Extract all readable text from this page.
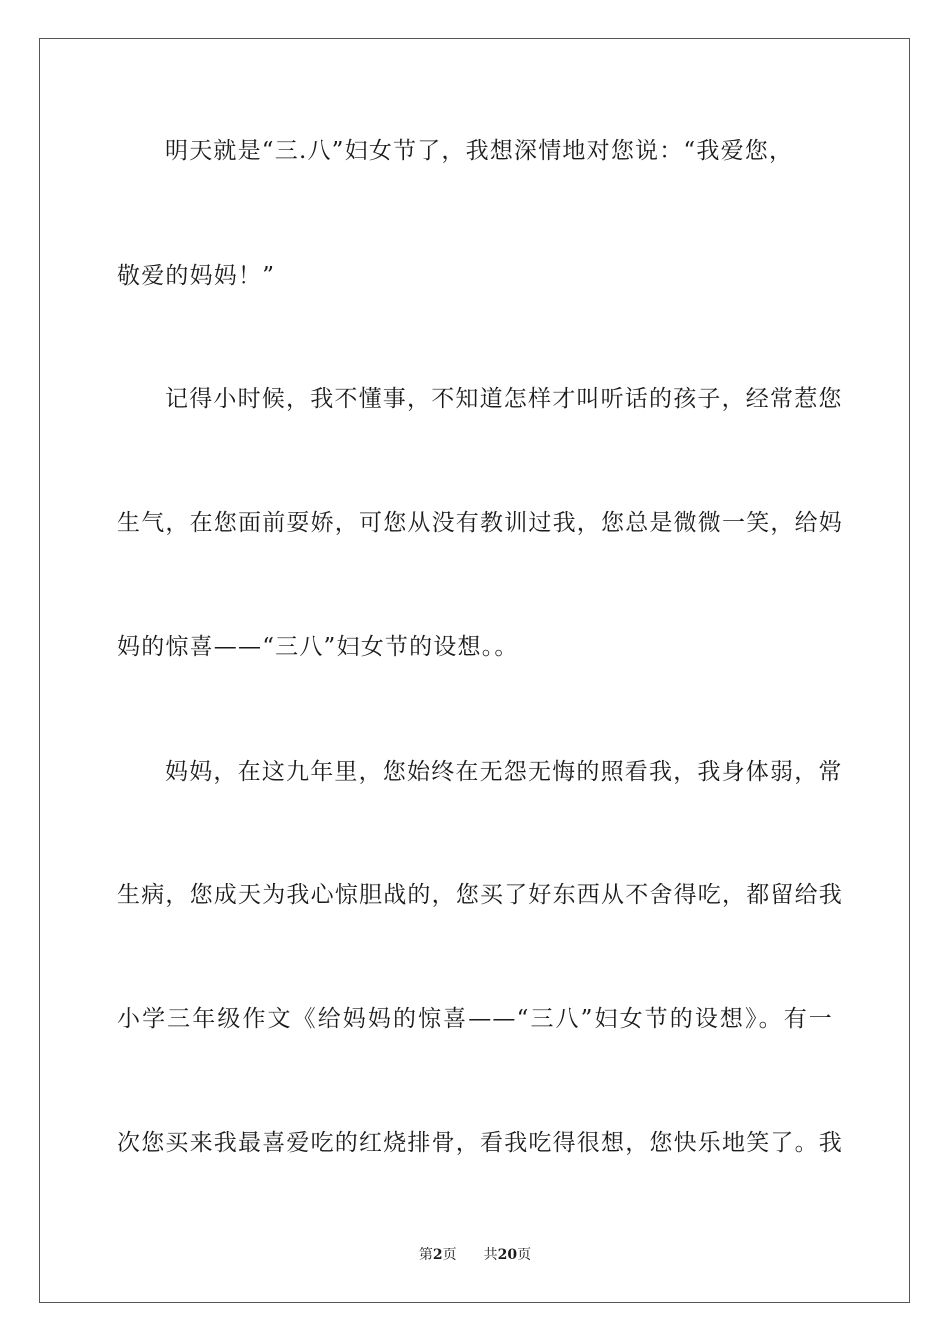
明天就是“三.八”妇女节了，我想深情地对您说：“我爱您，
敬爱的妈妈！”
记得小时候，我不懂事，不知道怎样才叫听话的孩子，经常惹您
生气，在您面前耍娇，可您从没有教训过我，您总是微微一笑，给妈
妈的惊喜——“三八”妇女节的设想。。
妈妈，在这九年里，您始终在无怨无悔的照看我，我身体弱，常
生病，您成天为我心惊胆战的，您买了好东西从不舍得吃，都留给我
小学三年级作文《给妈妈的惊喜——“三八”妇女节的设想》。有一
次您买来我最喜爱吃的红烧排骨，看我吃得很想，您快乐地笑了。我
第2页 共20页
